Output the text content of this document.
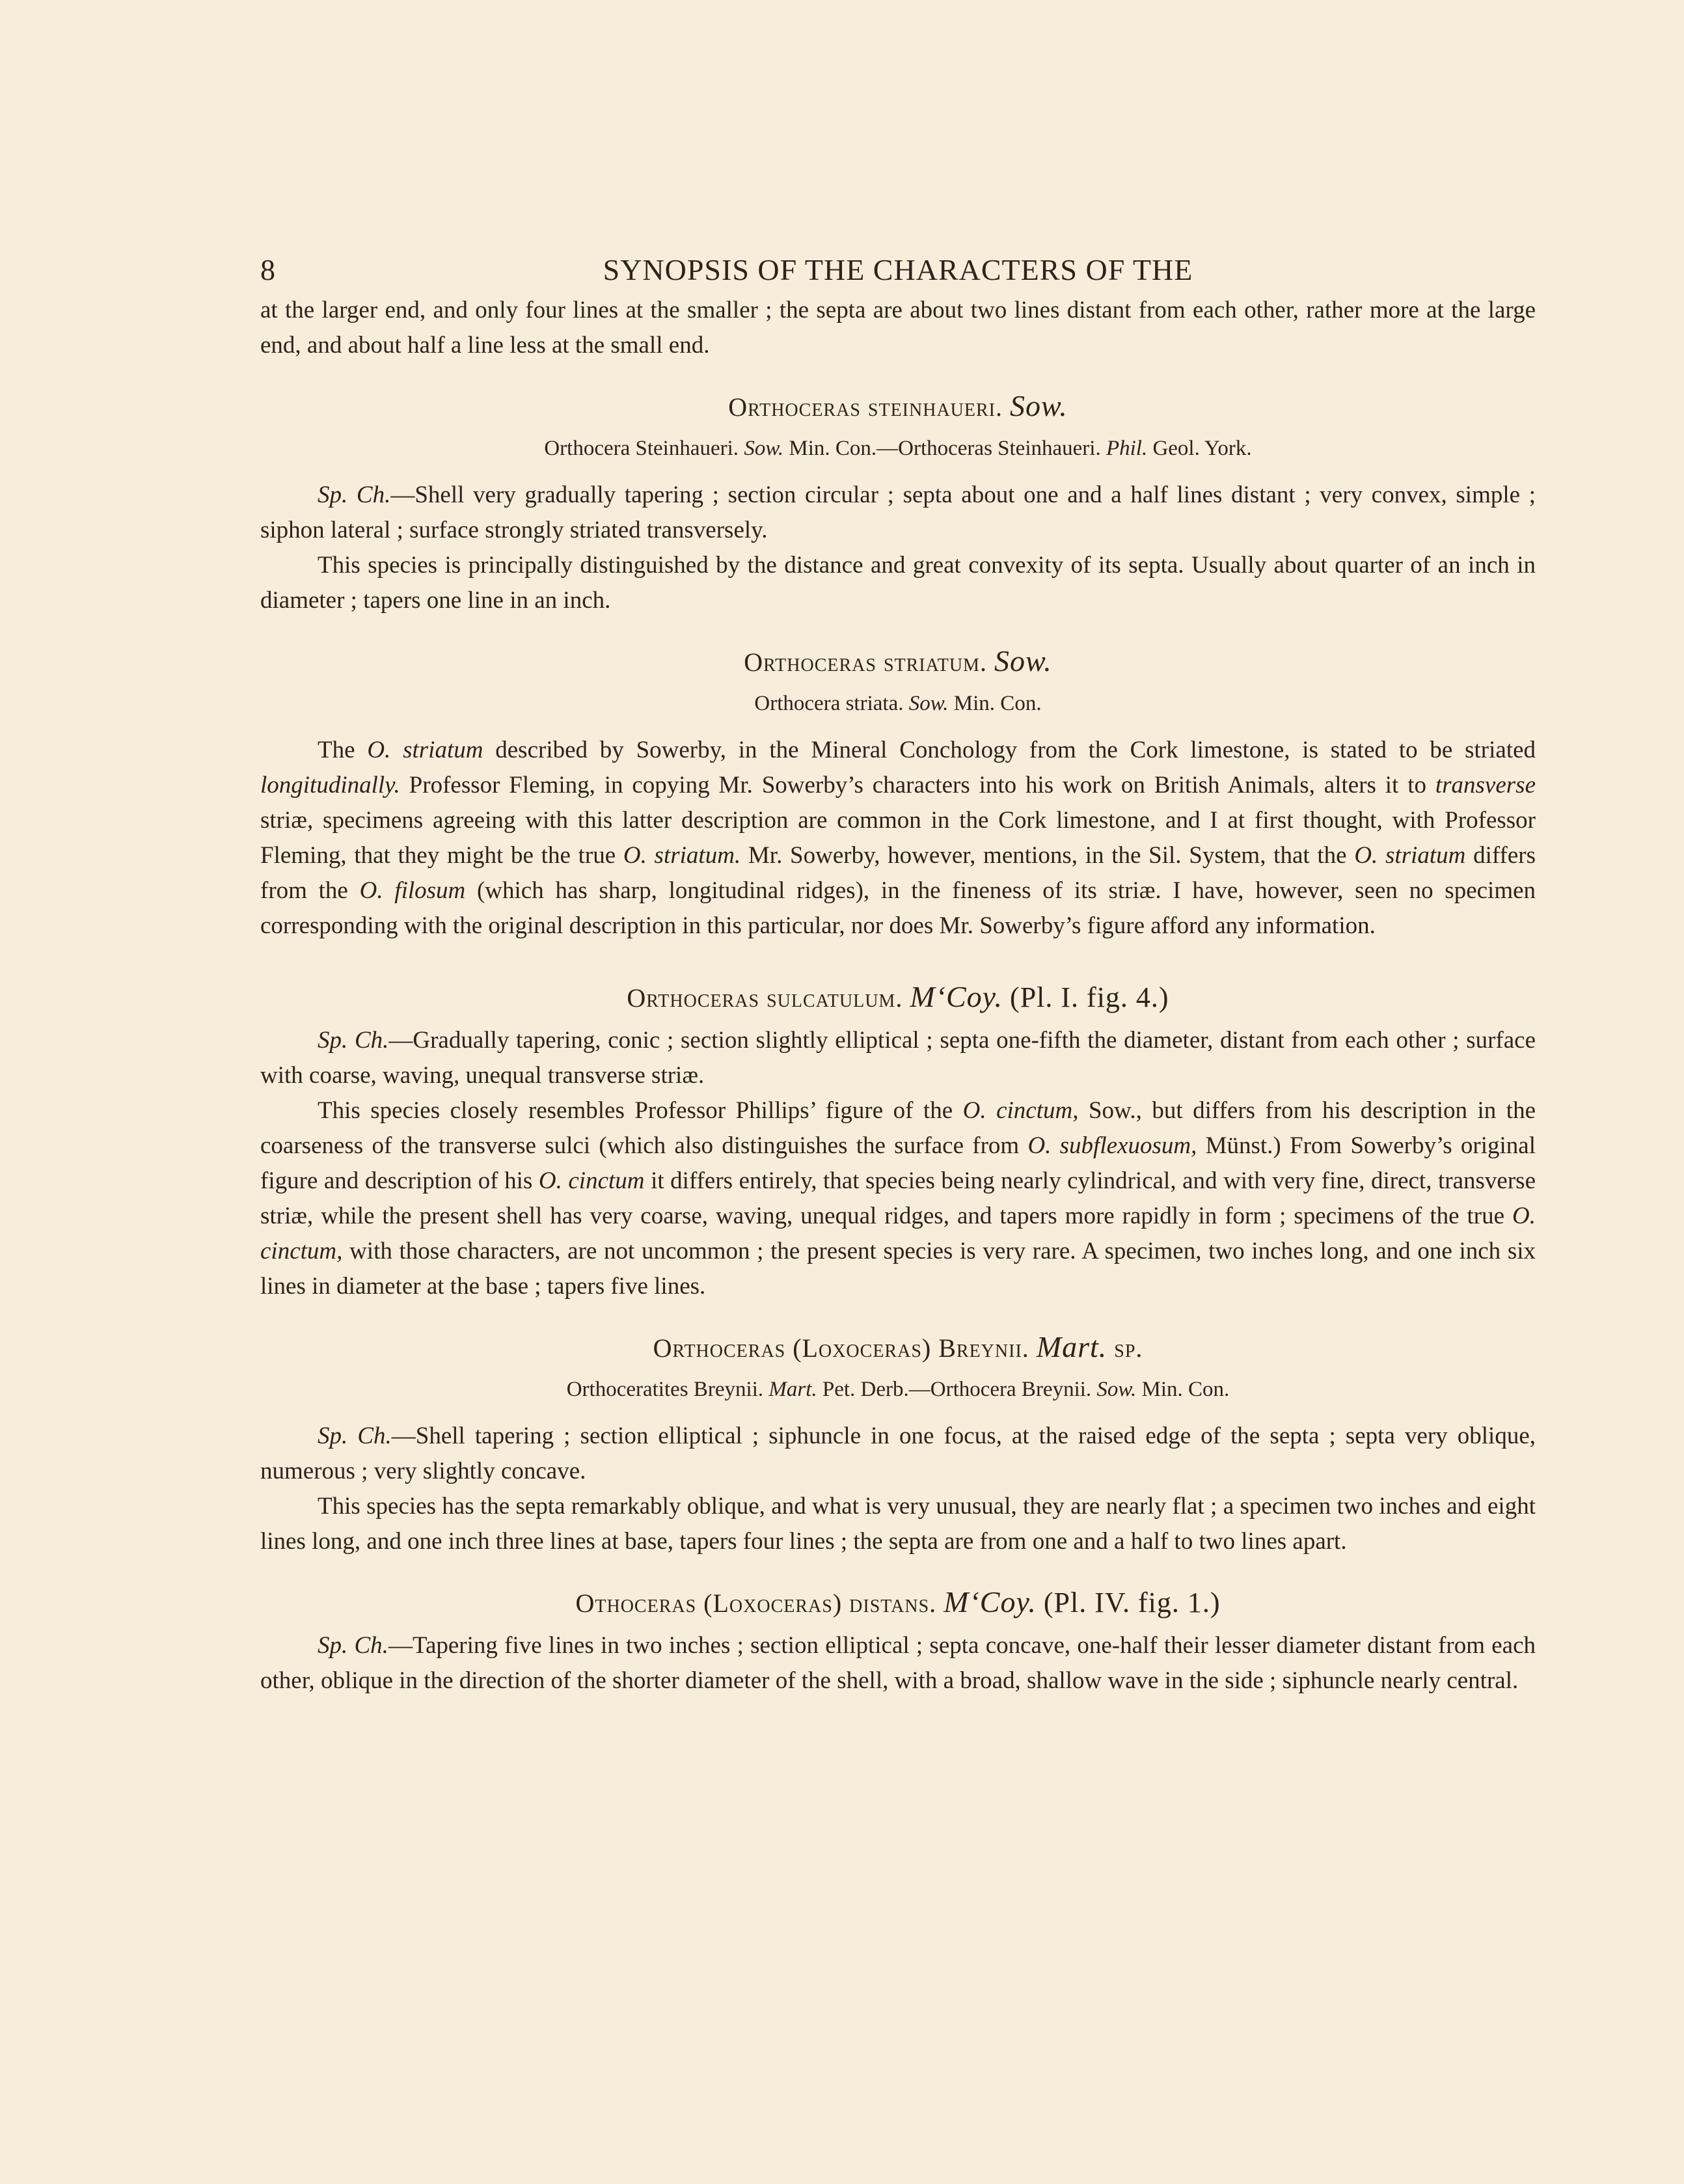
8	SYNOPSIS OF THE CHARACTERS OF THE

at the larger end, and only four lines at the smaller ; the septa are about two lines distant from each other, rather more at the large end, and about half a line less at the small end.

Orthoceras steinhaueri. Sow.
Orthocera Steinhaueri. Sow. Min. Con.—Orthoceras Steinhaueri. Phil. Geol. York.

Sp. Ch.—Shell very gradually tapering ; section circular ; septa about one and a half lines distant ; very convex, simple ; siphon lateral ; surface strongly striated transversely.

This species is principally distinguished by the distance and great convexity of its septa. Usually about quarter of an inch in diameter ; tapers one line in an inch.

Orthoceras striatum. Sow.
Orthocera striata. Sow. Min. Con.

The O. striatum described by Sowerby, in the Mineral Conchology from the Cork limestone, is stated to be striated longitudinally. Professor Fleming, in copying Mr. Sowerby’s characters into his work on British Animals, alters it to transverse striæ, specimens agreeing with this latter description are common in the Cork limestone, and I at first thought, with Professor Fleming, that they might be the true O. striatum. Mr. Sowerby, however, mentions, in the Sil. System, that the O. striatum differs from the O. filosum (which has sharp, longitudinal ridges), in the fineness of its striæ. I have, however, seen no specimen corresponding with the original description in this particular, nor does Mr. Sowerby’s figure afford any information.

Orthoceras sulcatulum. M‘Coy. (Pl. I. fig. 4.)

Sp. Ch.—Gradually tapering, conic ; section slightly elliptical ; septa one-fifth the diameter, distant from each other ; surface with coarse, waving, unequal transverse striæ.

This species closely resembles Professor Phillips’ figure of the O. cinctum, Sow., but differs from his description in the coarseness of the transverse sulci (which also distinguishes the surface from O. subflexuosum, Münst.) From Sowerby’s original figure and description of his O. cinctum it differs entirely, that species being nearly cylindrical, and with very fine, direct, transverse striæ, while the present shell has very coarse, waving, unequal ridges, and tapers more rapidly in form ; specimens of the true O. cinctum, with those characters, are not uncommon ; the present species is very rare. A specimen, two inches long, and one inch six lines in diameter at the base ; tapers five lines.

Orthoceras (Loxoceras) Breynii. Mart. sp.
Orthoceratites Breynii. Mart. Pet. Derb.—Orthocera Breynii. Sow. Min. Con.

Sp. Ch.—Shell tapering ; section elliptical ; siphuncle in one focus, at the raised edge of the septa ; septa very oblique, numerous ; very slightly concave.

This species has the septa remarkably oblique, and what is very unusual, they are nearly flat ; a specimen two inches and eight lines long, and one inch three lines at base, tapers four lines ; the septa are from one and a half to two lines apart.

Othoceras (Loxoceras) distans. M‘Coy. (Pl. IV. fig. 1.)

Sp. Ch.—Tapering five lines in two inches ; section elliptical ; septa concave, one-half their lesser diameter distant from each other, oblique in the direction of the shorter diameter of the shell, with a broad, shallow wave in the side ; siphuncle nearly central.
